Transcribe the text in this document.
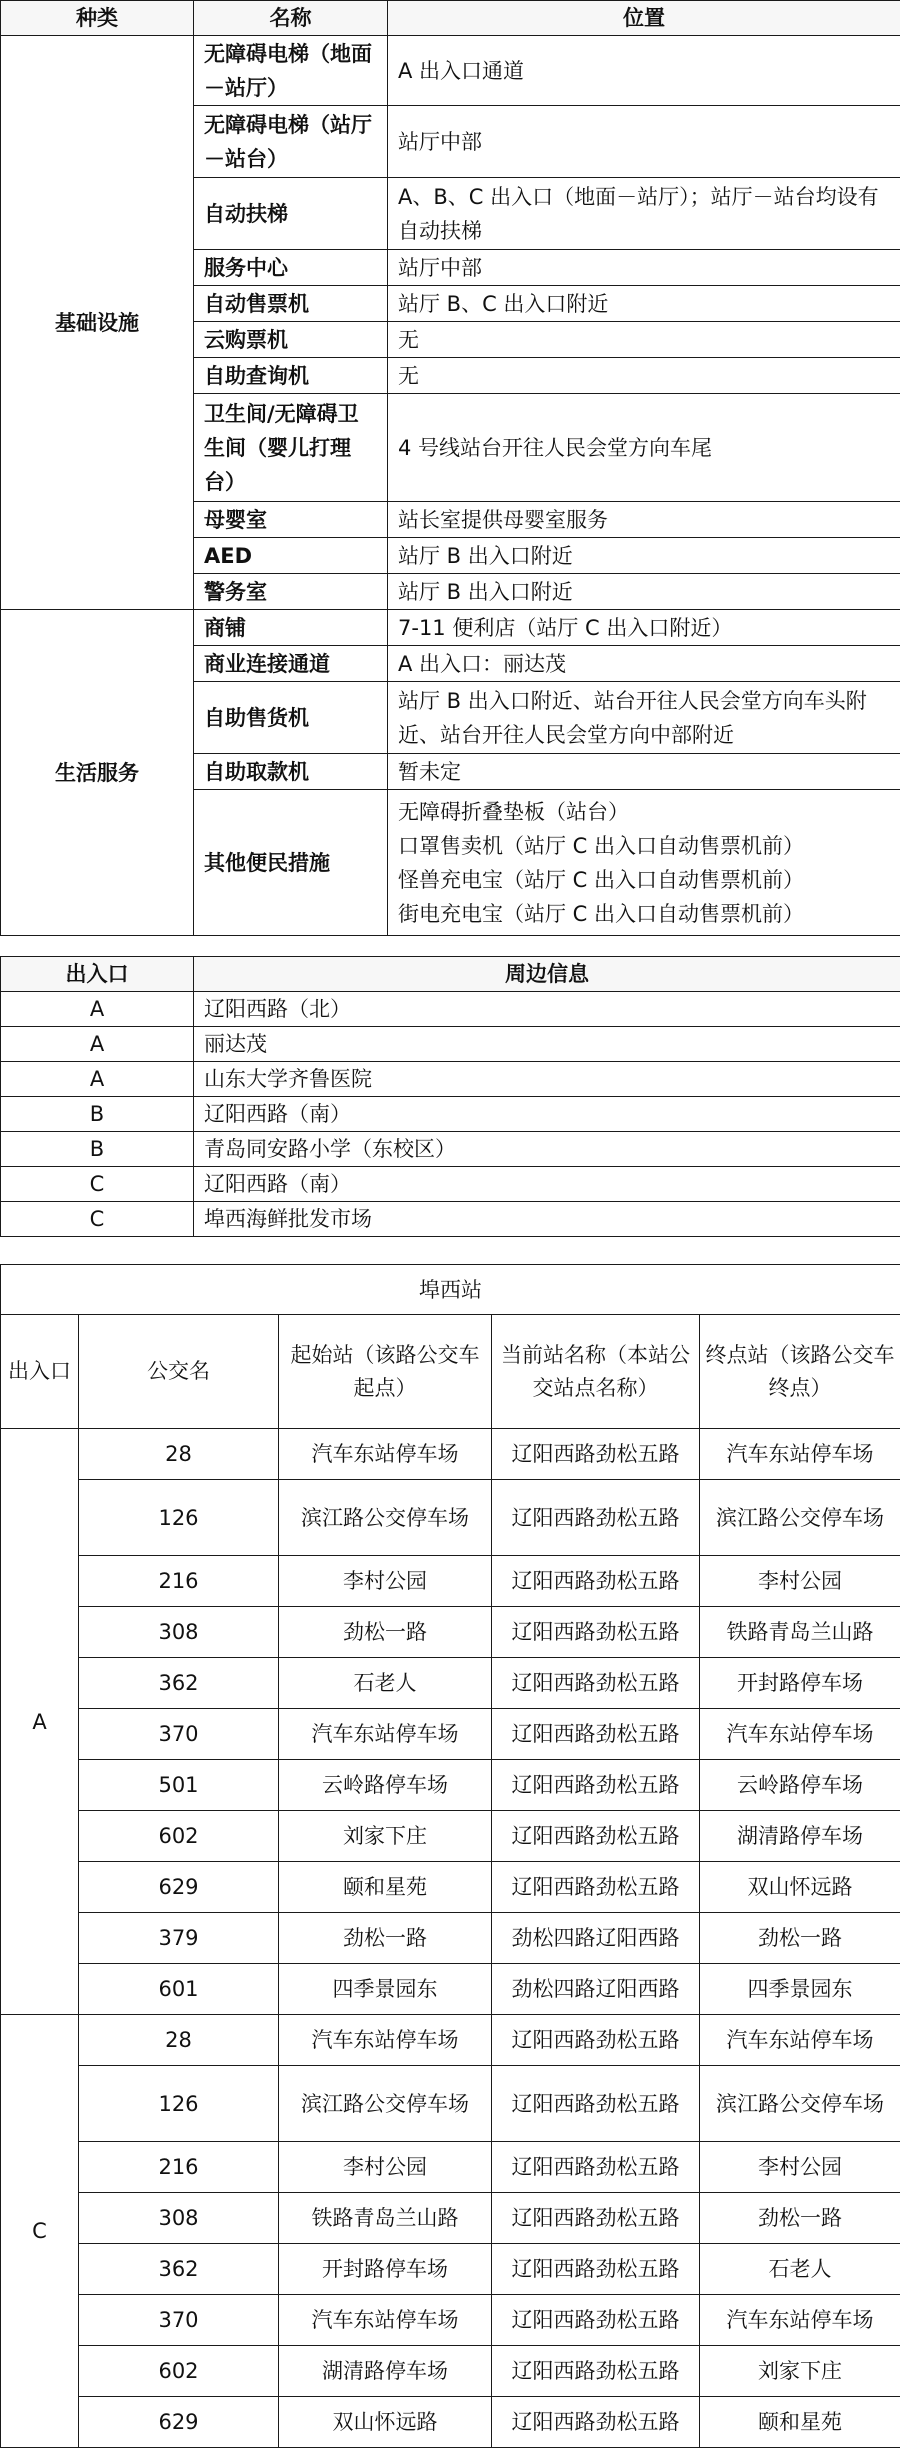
种类	名称	位置
基础设施	无障碍电梯（地面－站厅）	A 出入口通道
	无障碍电梯（站厅－站台）	站厅中部
	自动扶梯	A、B、C 出入口（地面－站厅）；站厅－站台均设有自动扶梯
	服务中心	站厅中部
	自动售票机	站厅 B、C 出入口附近
	云购票机	无
	自助查询机	无
	卫生间/无障碍卫生间（婴儿打理台）	4 号线站台开往人民会堂方向车尾
	母婴室	站长室提供母婴室服务
	AED	站厅 B 出入口附近
	警务室	站厅 B 出入口附近
生活服务	商铺	7-11 便利店（站厅 C 出入口附近）
	商业连接通道	A 出入口：丽达茂
	自助售货机	站厅 B 出入口附近、站台开往人民会堂方向车头附近、站台开往人民会堂方向中部附近
	自助取款机	暂未定
	其他便民措施	无障碍折叠垫板（站台）
口罩售卖机（站厅 C 出入口自动售票机前）
怪兽充电宝（站厅 C 出入口自动售票机前）
街电充电宝（站厅 C 出入口自动售票机前）
出入口	周边信息
A	辽阳西路（北）
A	丽达茂
A	山东大学齐鲁医院
B	辽阳西路（南）
B	青岛同安路小学（东校区）
C	辽阳西路（南）
C	埠西海鲜批发市场
埠西站				
出入口	公交名	起始站（该路公交车起点）	当前站名称（本站公交站点名称）	终点站（该路公交车终点）
A	28	汽车东站停车场	辽阳西路劲松五路	汽车东站停车场
	126	滨江路公交停车场	辽阳西路劲松五路	滨江路公交停车场
	216	李村公园	辽阳西路劲松五路	李村公园
	308	劲松一路	辽阳西路劲松五路	铁路青岛兰山路
	362	石老人	辽阳西路劲松五路	开封路停车场
	370	汽车东站停车场	辽阳西路劲松五路	汽车东站停车场
	501	云岭路停车场	辽阳西路劲松五路	云岭路停车场
	602	刘家下庄	辽阳西路劲松五路	湖清路停车场
	629	颐和星苑	辽阳西路劲松五路	双山怀远路
	379	劲松一路	劲松四路辽阳西路	劲松一路
	601	四季景园东	劲松四路辽阳西路	四季景园东
C	28	汽车东站停车场	辽阳西路劲松五路	汽车东站停车场
	126	滨江路公交停车场	辽阳西路劲松五路	滨江路公交停车场
	216	李村公园	辽阳西路劲松五路	李村公园
	308	铁路青岛兰山路	辽阳西路劲松五路	劲松一路
	362	开封路停车场	辽阳西路劲松五路	石老人
	370	汽车东站停车场	辽阳西路劲松五路	汽车东站停车场
	602	湖清路停车场	辽阳西路劲松五路	刘家下庄
	629	双山怀远路	辽阳西路劲松五路	颐和星苑
